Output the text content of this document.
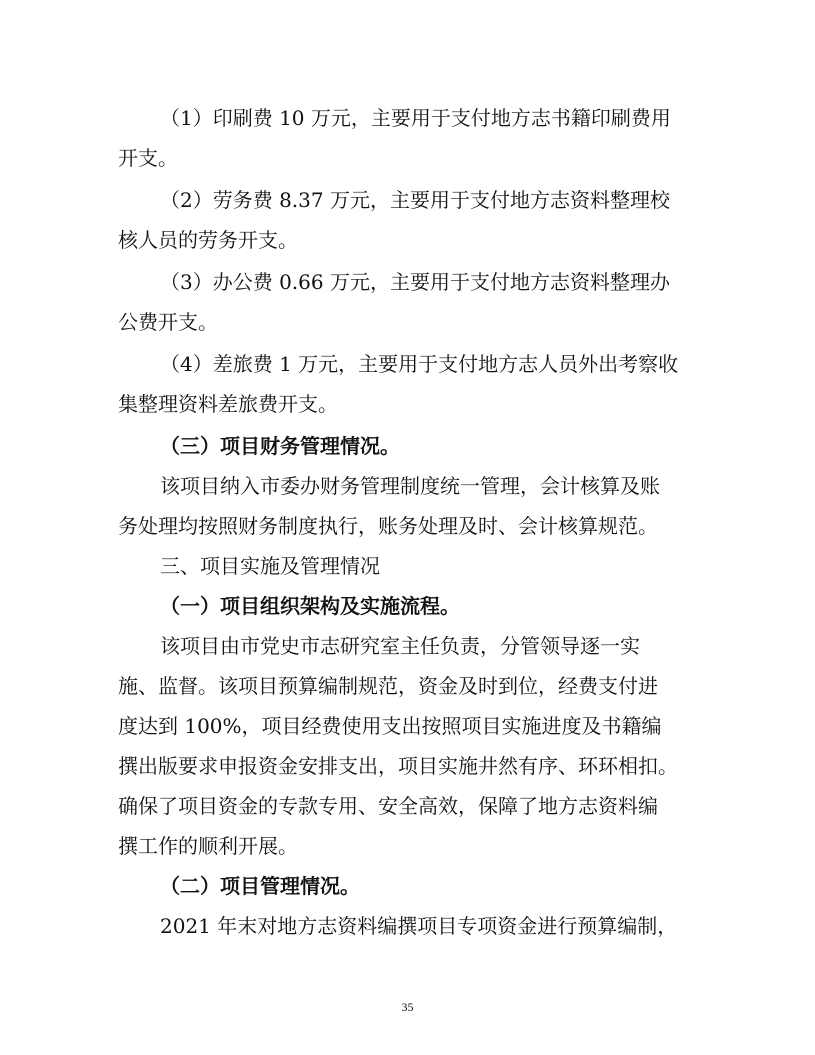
（1）印刷费 10 万元，主要用于支付地方志书籍印刷费用
开支。
（2）劳务费 8.37 万元，主要用于支付地方志资料整理校
核人员的劳务开支。
（3）办公费 0.66 万元，主要用于支付地方志资料整理办
公费开支。
（4）差旅费 1 万元，主要用于支付地方志人员外出考察收
集整理资料差旅费开支。
（三）项目财务管理情况。
该项目纳入市委办财务管理制度统一管理，会计核算及账
务处理均按照财务制度执行，账务处理及时、会计核算规范。
三、项目实施及管理情况
（一）项目组织架构及实施流程。
该项目由市党史市志研究室主任负责，分管领导逐一实
施、监督。该项目预算编制规范，资金及时到位，经费支付进
度达到 100%，项目经费使用支出按照项目实施进度及书籍编
撰出版要求申报资金安排支出，项目实施井然有序、环环相扣。
确保了项目资金的专款专用、安全高效，保障了地方志资料编
撰工作的顺利开展。
（二）项目管理情况。
2021 年末对地方志资料编撰项目专项资金进行预算编制，
35
